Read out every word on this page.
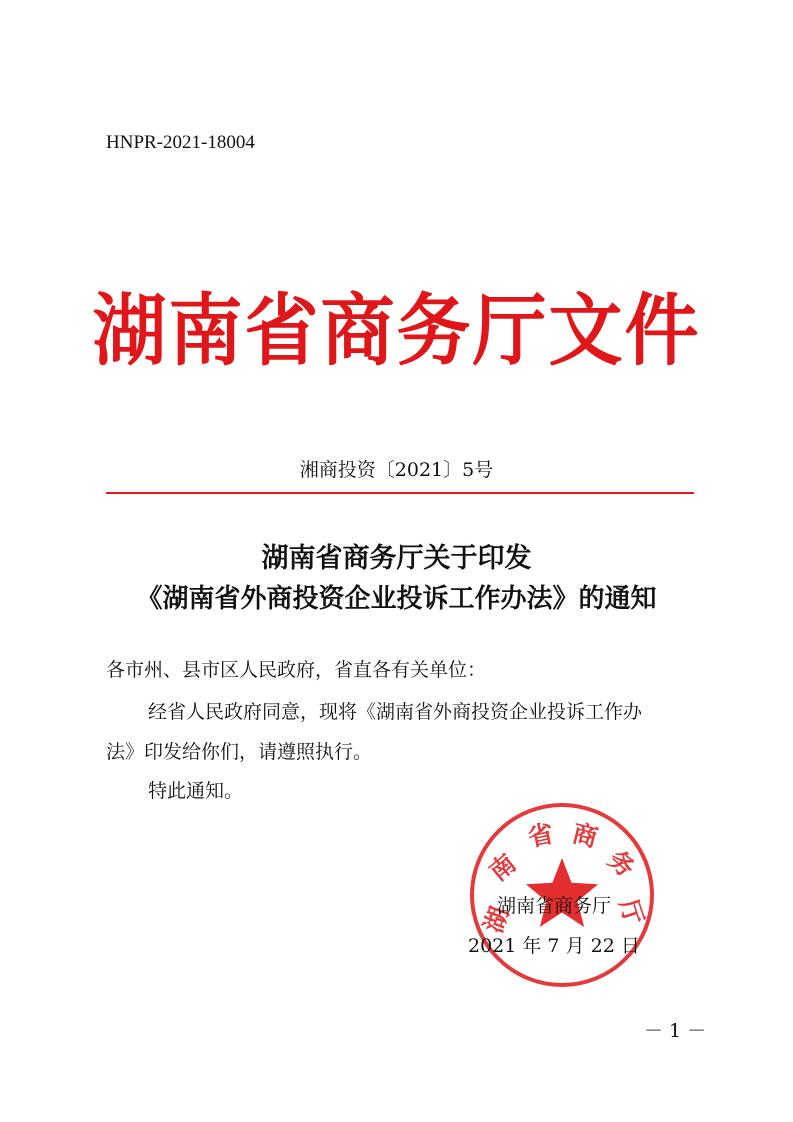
HNPR-2021-18004
湖南省商务厅文件
湘商投资〔2021〕5号
湖南省商务厅关于印发
《湖南省外商投资企业投诉工作办法》的通知
各市州、县市区人民政府，省直各有关单位：
经省人民政府同意，现将《湖南省外商投资企业投诉工作办
法》印发给你们，请遵照执行。
特此通知。
湖
南
省 商
务
厅
湖南省商务厅
2021 年 7 月 22 日
－ 1 －
